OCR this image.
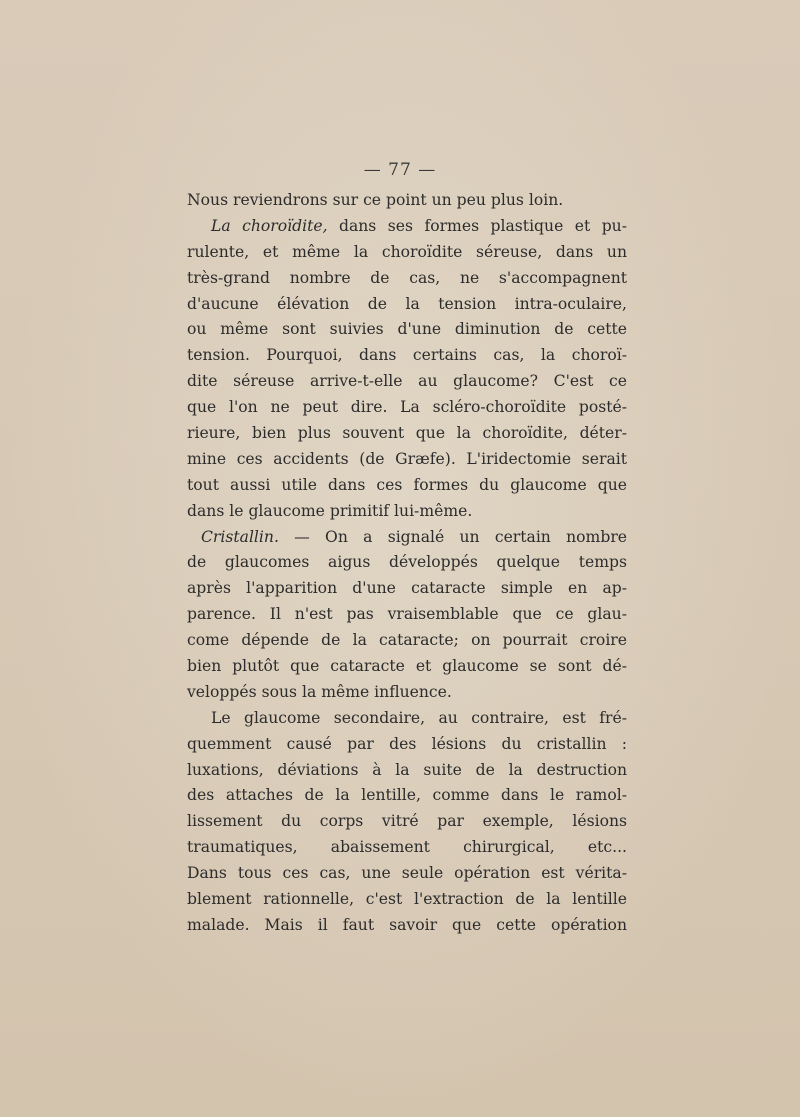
— 77 —
Nous reviendrons sur ce point un peu plus loin.
La choroïdite, dans ses formes plastique et pu-
rulente, et même la choroïdite séreuse, dans un
très-grand nombre de cas, ne s'accompagnent
d'aucune élévation de la tension intra-oculaire,
ou même sont suivies d'une diminution de cette
tension. Pourquoi, dans certains cas, la choroï-
dite séreuse arrive-t-elle au glaucome? C'est ce
que l'on ne peut dire. La scléro-choroïdite posté-
rieure, bien plus souvent que la choroïdite, déter-
mine ces accidents (de Græfe). L'iridectomie serait
tout aussi utile dans ces formes du glaucome que
dans le glaucome primitif lui-même.
Cristallin. — On a signalé un certain nombre
de glaucomes aigus développés quelque temps
après l'apparition d'une cataracte simple en ap-
parence. Il n'est pas vraisemblable que ce glau-
come dépende de la cataracte; on pourrait croire
bien plutôt que cataracte et glaucome se sont dé-
veloppés sous la même influence.
Le glaucome secondaire, au contraire, est fré-
quemment causé par des lésions du cristallin :
luxations, déviations à la suite de la destruction
des attaches de la lentille, comme dans le ramol-
lissement du corps vitré par exemple, lésions
traumatiques, abaissement chirurgical, etc...
Dans tous ces cas, une seule opération est vérita-
blement rationnelle, c'est l'extraction de la lentille
malade. Mais il faut savoir que cette opération
